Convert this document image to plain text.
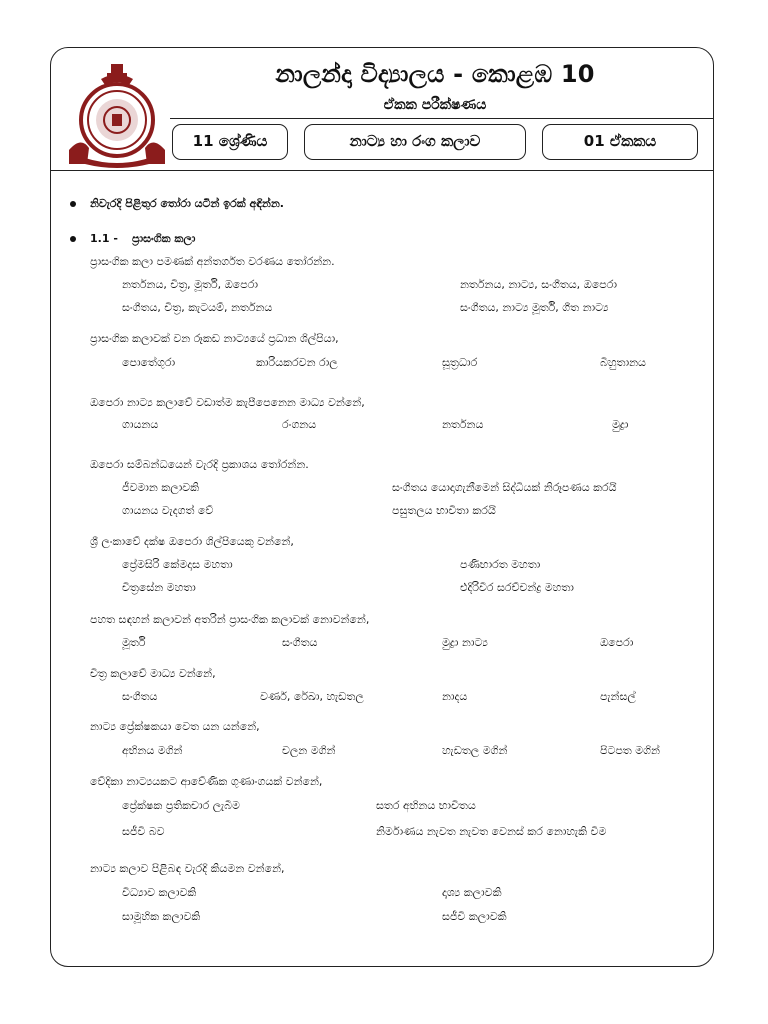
නාලන්දා විද්‍යාලය - කොළඹ 10
ඒකක පරීක්ෂණය
11 ශ්‍රේණිය	නාට්‍ය හා රංග කලාව	01 ඒකකය
නිවැරදි පිළිතුර තෝරා යටින් ඉරක් අඳින්න.
1.1 - ප්‍රාසංගික කලා
ප්‍රාසංගික කලා පමණක් අන්තර්ගත වරණය තෝරන්න.
නර්තනය, චිත්‍ර, මූර්ති, ඔපෙරා	නර්තනය, නාට්‍ය, සංගීතය, ඔපෙරා
සංගීතය, චිත්‍ර, කැටයම්, නර්තනය	සංගීතය, නාට්‍ය මූර්ති, ගීත නාට්‍ය
ප්‍රාසංගික කලාවක් වන රූකඩ නාට්‍යයේ ප්‍රධාන ශිල්පියා,
පොතේගුරා	කාරියකරවන රාල	සූත්‍රධාර	බිහුතානය
ඔපෙරා නාට්‍ය කලාවේ වඩාත්ම කැපීපෙනෙන මාධ්‍ය වන්නේ,
ගායනය	රංගනය	නර්තනය	මුද්‍රා
ඔපෙරා සම්බන්ධයෙන් වැරදි ප්‍රකාශය තෝරන්න.
ජීවමාන කලාවකි	සංගීතය යොදාගැනීමෙන් සිද්ධියක් නිරූපණය කරයි
ගායනය වැදගත් වේ	පසුතලය භාවිතා කරයි
ශ්‍රී ලංකාවේ දක්ෂ ඔපෙරා ශිල්පියෙකු වන්නේ,
ප්‍රේමසිරි කේමදාස මහතා	පණිභාරත මහතා
චිත්‍රසේන මහතා	එදිරිවීර සරච්චන්ද්‍ර මහතා
පහත සඳහන් කලාවන් අතරින් ප්‍රාසංගික කලාවක් නොවන්නේ,
මූර්ති	සංගීතය	මුද්‍රා නාට්‍ය	ඔපෙරා
චිත්‍ර කලාවේ මාධ්‍ය වන්නේ,
සංගීතය	වර්ණ, රේඛා, හැඩතල	නාදය	පැන්සල්
නාට්‍ය ප්‍රේක්ෂකයා වෙත යන යන්නේ,
අභිනය මගින්	චලන මගින්	හැඩතල මගින්	පිටපත මගින්
වේදිකා නාට්‍යයකට ආවේණික ගුණාංගයක් වන්නේ,
ප්‍රේක්ෂක ප්‍රතිකචාර ලැබීම	සතර අභිනය භාවිතය
සජීවී බව	නිර්මාණය නැවත නැවත වෙනස් කර නොහැකි වීම
නාට්‍ය කලාව පිළිබඳ වැරදි කියමන වන්නේ,
විධ්‍යාව කලාවකි	දෘශ්‍ය කලාවකි
සාමූහික කලාවකි	සජීවී කලාවකි
